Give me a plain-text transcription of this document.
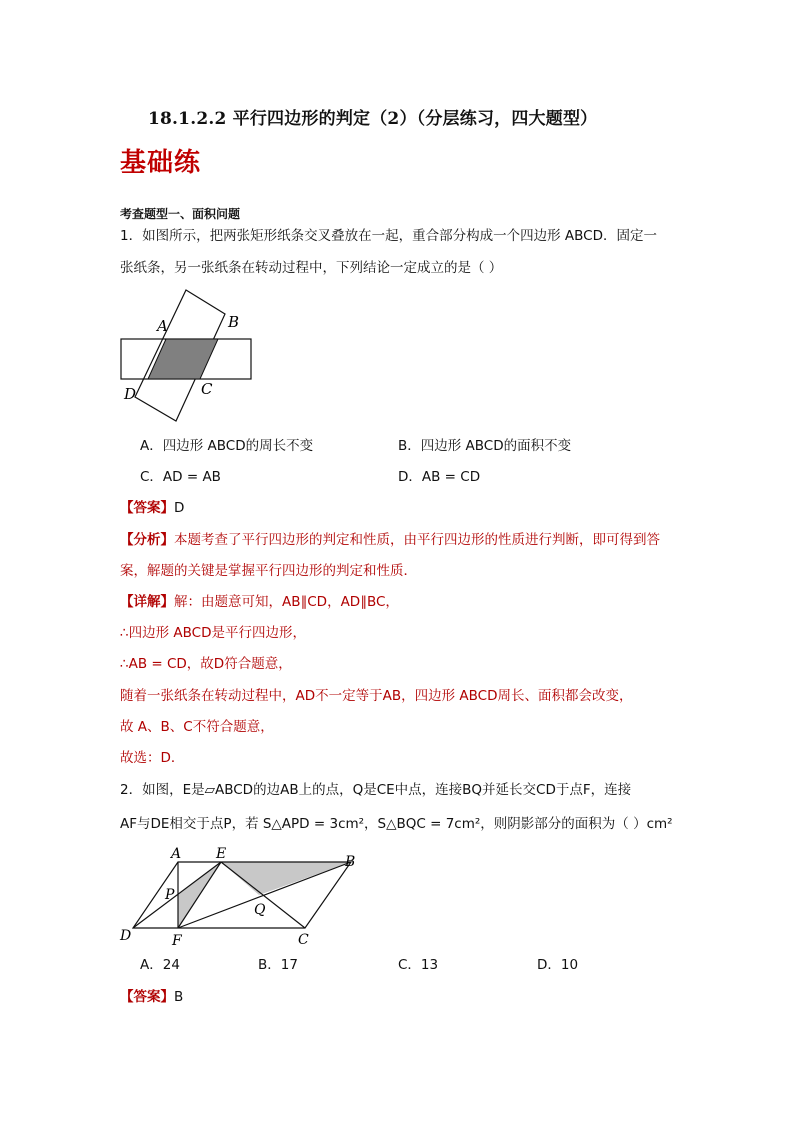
18.1.2.2 平行四边形的判定（2）（分层练习，四大题型）
基础练
考查题型一、面积问题
1．如图所示，把两张矩形纸条交叉叠放在一起，重合部分构成一个四边形 ABCD．固定一
张纸条，另一张纸条在转动过程中，下列结论一定成立的是（ ）
A	B
C
D
A．四边形 ABCD的周长不变	B．四边形 ABCD的面积不变
C．AD = AB	D．AB = CD
【答案】D
【分析】本题考查了平行四边形的判定和性质，由平行四边形的性质进行判断，即可得到答
案，解题的关键是掌握平行四边形的判定和性质．
【详解】解：由题意可知，AB∥CD，AD∥BC，
∴四边形 ABCD是平行四边形，
∴AB = CD，故D符合题意，
随着一张纸条在转动过程中，AD不一定等于AB，四边形 ABCD周长、面积都会改变，
故 A、B、C不符合题意，
故选：D．
2．如图，E是▱ABCD的边AB上的点，Q是CE中点，连接BQ并延长交CD于点F，连接
AF与DE相交于点P，若 S△APD = 3cm²，S△BQC = 7cm²，则阴影部分的面积为（ ）cm²
A E	B
P
Q
D	F	C
A．24	B．17	C．13	D．10
【答案】B
